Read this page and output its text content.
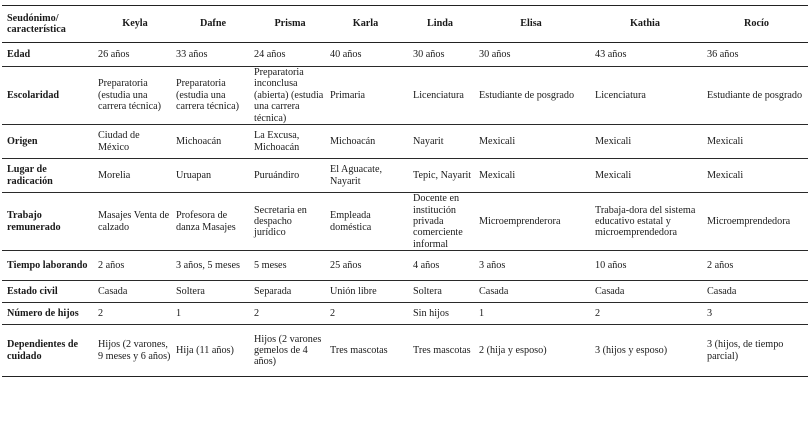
Seudónimo/ característica	Keyla	Dafne	Prisma	Karla	Linda	Elisa	Kathia	Rocío
Edad	26 años	33 años	24 años	40 años	30 años	30 años	43 años	36 años
Escolaridad	Preparatoria (estudia una carrera técnica)	Preparatoria (estudia una carrera técnica)	Preparatoria inconclusa (abierta) (estudia una carrera técnica)	Primaria	Licenciatura	Estudiante de posgrado	Licenciatura	Estudiante de posgrado
Origen	Ciudad de México	Michoacán	La Excusa, Michoacán	Michoacán	Nayarit	Mexicali	Mexicali	Mexicali
Lugar de radicación	Morelia	Uruapan	Puruándiro	El Aguacate, Nayarit	Tepic, Nayarit	Mexicali	Mexicali	Mexicali
Trabajo remunerado	Masajes Venta de calzado	Profesora de danza Masajes	Secretaria en despacho jurídico	Empleada doméstica	Docente en institución privada comerciente informal	Microemprenderora	Trabaja-dora del sistema educativo estatal y microemprendedora	Microemprendedora
Tiempo laborando	2 años	3 años, 5 meses	5 meses	25 años	4 años	3 años	10 años	2 años
Estado civil	Casada	Soltera	Separada	Unión libre	Soltera	Casada	Casada	Casada
Número de hijos	2	1	2	2	Sin hijos	1	2	3
Dependientes de cuidado	Hijos (2 varones, 9 meses y 6 años)	Hija (11 años)	Hijos (2 varones gemelos de 4 años)	Tres mascotas	Tres mascotas	2 (hija y esposo)	3 (hijos y esposo)	3 (hijos, de tiempo parcial)
